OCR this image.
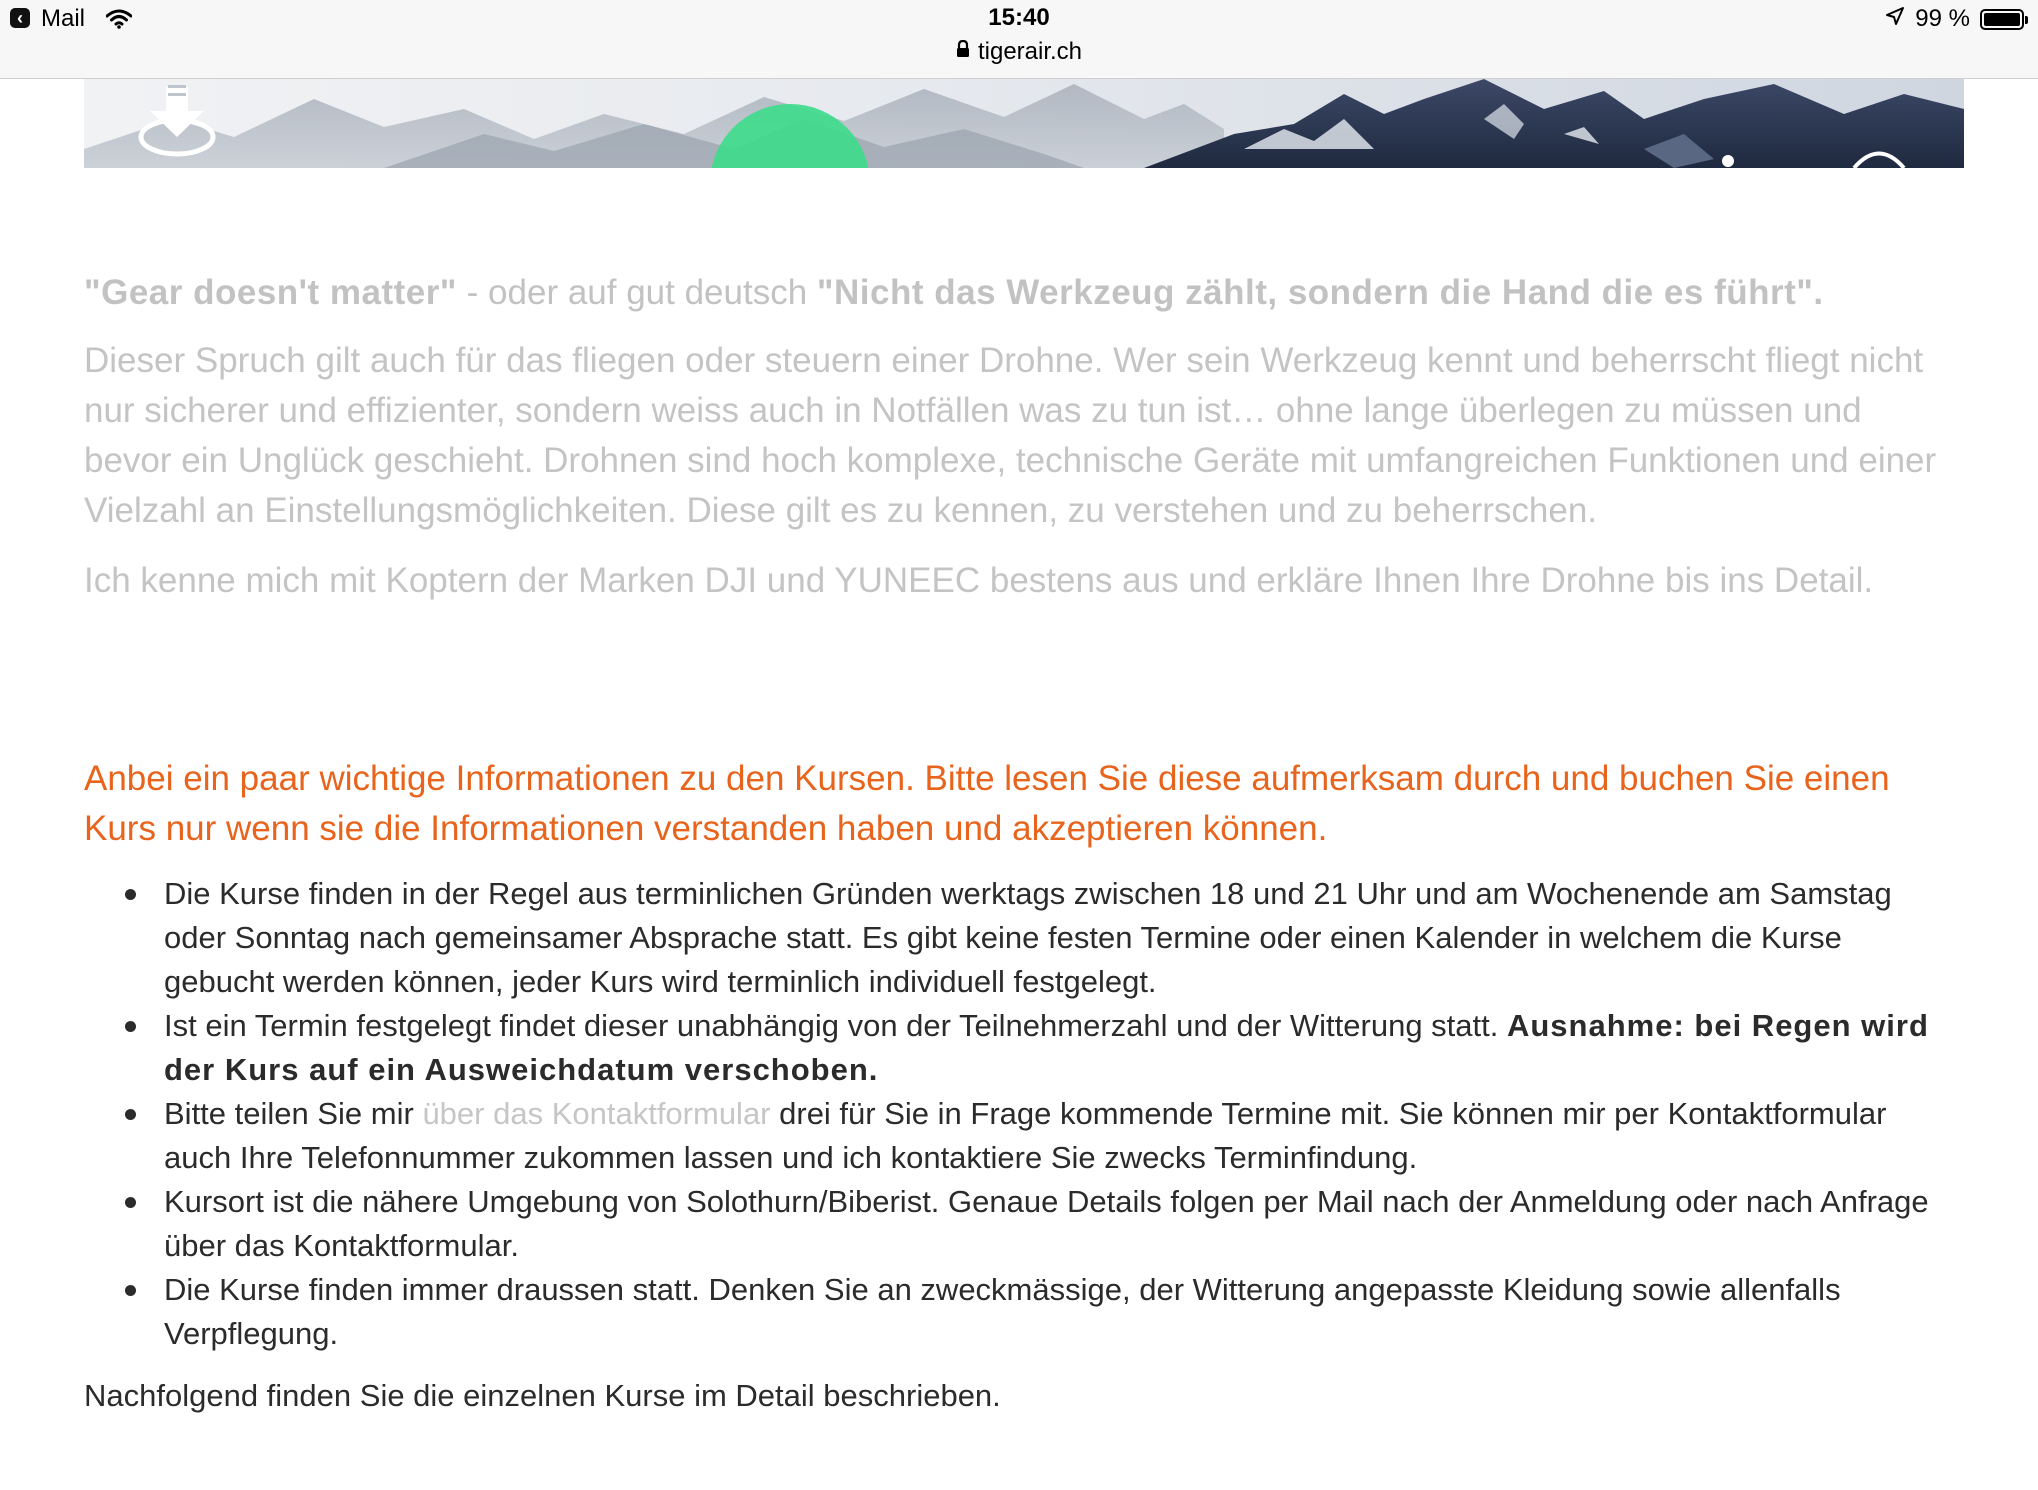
‹ Mail	15:40
tigerair.ch
99 %

"Gear doesn't matter" - oder auf gut deutsch "Nicht das Werkzeug zählt, sondern die Hand die es führt".

Dieser Spruch gilt auch für das fliegen oder steuern einer Drohne. Wer sein Werkzeug kennt und beherrscht fliegt nicht nur sicherer und effizienter, sondern weiss auch in Notfällen was zu tun ist… ohne lange überlegen zu müssen und bevor ein Unglück geschieht. Drohnen sind hoch komplexe, technische Geräte mit umfangreichen Funktionen und einer Vielzahl an Einstellungsmöglichkeiten. Diese gilt es zu kennen, zu verstehen und zu beherrschen.

Ich kenne mich mit Koptern der Marken DJI und YUNEEC bestens aus und erkläre Ihnen Ihre Drohne bis ins Detail.

Anbei ein paar wichtige Informationen zu den Kursen. Bitte lesen Sie diese aufmerksam durch und buchen Sie einen Kurs nur wenn sie die Informationen verstanden haben und akzeptieren können.

Die Kurse finden in der Regel aus terminlichen Gründen werktags zwischen 18 und 21 Uhr und am Wochenende am Samstag oder Sonntag nach gemeinsamer Absprache statt. Es gibt keine festen Termine oder einen Kalender in welchem die Kurse gebucht werden können, jeder Kurs wird terminlich individuell festgelegt.
Ist ein Termin festgelegt findet dieser unabhängig von der Teilnehmerzahl und der Witterung statt. Ausnahme: bei Regen wird der Kurs auf ein Ausweichdatum verschoben.
Bitte teilen Sie mir über das Kontaktformular drei für Sie in Frage kommende Termine mit. Sie können mir per Kontaktformular auch Ihre Telefonnummer zukommen lassen und ich kontaktiere Sie zwecks Terminfindung.
Kursort ist die nähere Umgebung von Solothurn/Biberist. Genaue Details folgen per Mail nach der Anmeldung oder nach Anfrage über das Kontaktformular.
Die Kurse finden immer draussen statt. Denken Sie an zweckmässige, der Witterung angepasste Kleidung sowie allenfalls Verpflegung.

Nachfolgend finden Sie die einzelnen Kurse im Detail beschrieben.
